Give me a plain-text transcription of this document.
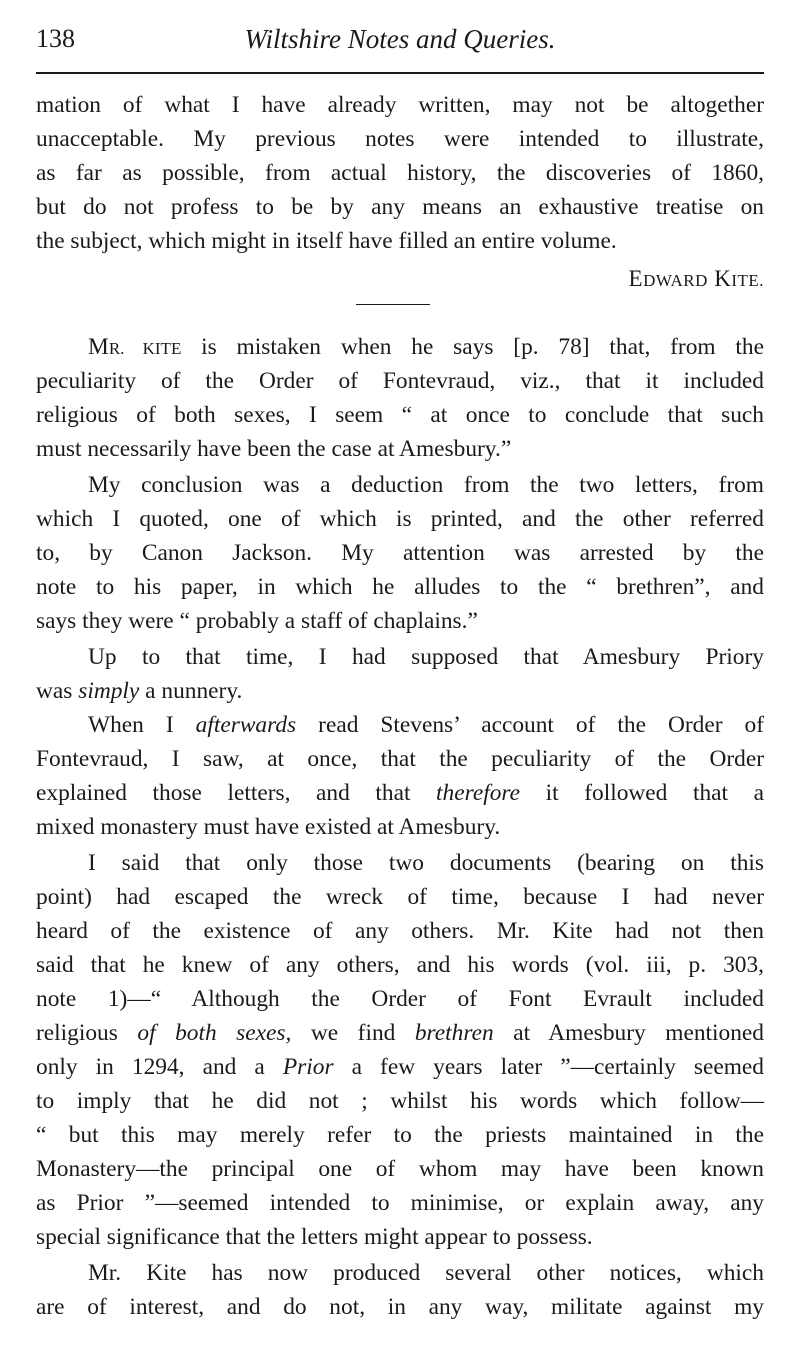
138	Wiltshire Notes and Queries.
mation of what I have already written, may not be altogether
unacceptable. My previous notes were intended to illustrate,
as far as possible, from actual history, the discoveries of 1860,
but do not profess to be by any means an exhaustive treatise on
the subject, which might in itself have filled an entire volume.
EDWARD KITE.
MR. KITE is mistaken when he says [p. 78] that, from the
peculiarity of the Order of Fontevraud, viz., that it included
religious of both sexes, I seem “ at once to conclude that such
must necessarily have been the case at Amesbury.”
My conclusion was a deduction from the two letters, from
which I quoted, one of which is printed, and the other referred
to, by Canon Jackson. My attention was arrested by the
note to his paper, in which he alludes to the “ brethren”, and
says they were “ probably a staff of chaplains.”
Up to that time, I had supposed that Amesbury Priory
was simply a nunnery.
When I afterwards read Stevens’ account of the Order of
Fontevraud, I saw, at once, that the peculiarity of the Order
explained those letters, and that therefore it followed that a
mixed monastery must have existed at Amesbury.
I said that only those two documents (bearing on this
point) had escaped the wreck of time, because I had never
heard of the existence of any others. Mr. Kite had not then
said that he knew of any others, and his words (vol. iii, p. 303,
note 1)—“ Although the Order of Font Evrault included
religious of both sexes, we find brethren at Amesbury mentioned
only in 1294, and a Prior a few years later ”—certainly seemed
to imply that he did not ; whilst his words which follow—
“ but this may merely refer to the priests maintained in the
Monastery—the principal one of whom may have been known
as Prior ”—seemed intended to minimise, or explain away, any
special significance that the letters might appear to possess.
Mr. Kite has now produced several other notices, which
are of interest, and do not, in any way, militate against my
